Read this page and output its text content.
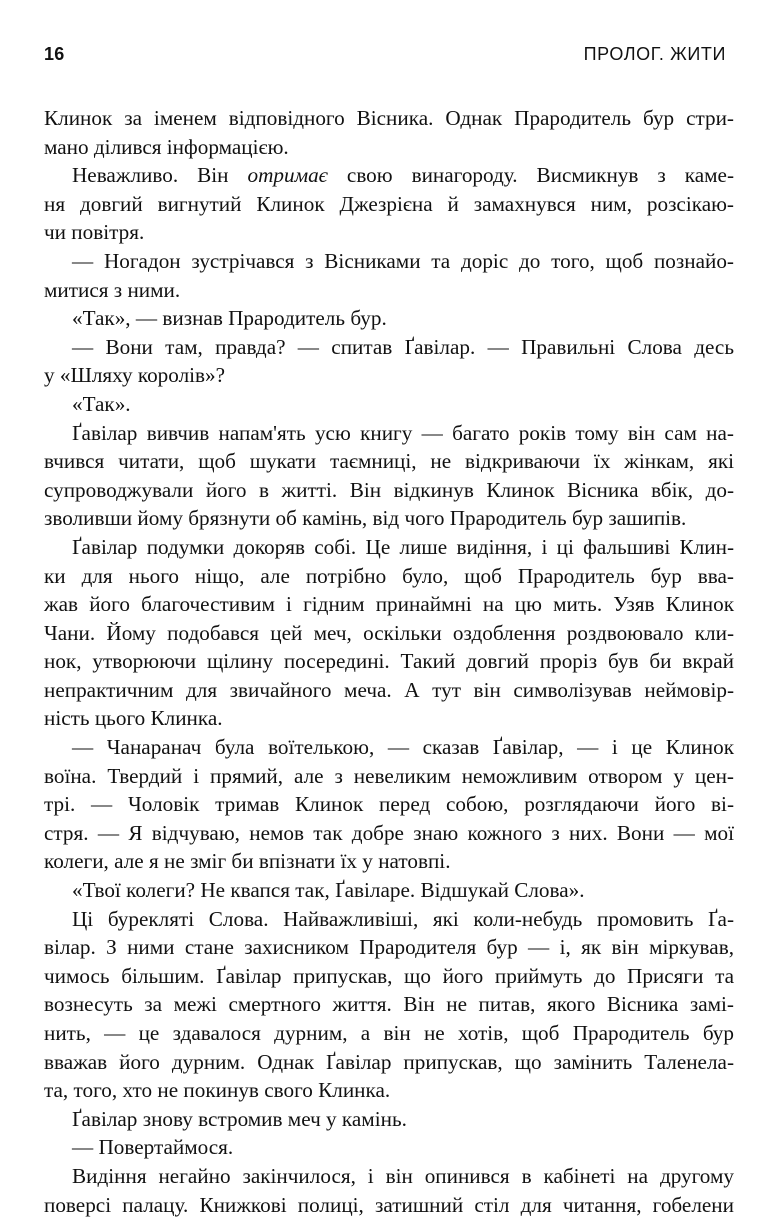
16	ПРОЛОГ. ЖИТИ
Клинок за іменем відповідного Вісника. Однак Прародитель бур стри-
мано ділився інформацією.
Неважливо. Він отримає свою винагороду. Висмикнув з каме-
ня довгий вигнутий Клинок Джезрієна й замахнувся ним, розсікаю-
чи повітря.
— Ногадон зустрічався з Вісниками та доріс до того, щоб познайо-
митися з ними.
«Так», — визнав Прародитель бур.
— Вони там, правда? — спитав Ґавілар. — Правильні Слова десь
у «Шляху королів»?
«Так».
Ґавілар вивчив напам'ять усю книгу — багато років тому він сам на-
вчився читати, щоб шукати таємниці, не відкриваючи їх жінкам, які
супроводжували його в житті. Він відкинув Клинок Вісника вбік, до-
зволивши йому брязнути об камінь, від чого Прародитель бур зашипів.
Ґавілар подумки докоряв собі. Це лише видіння, і ці фальшиві Клин-
ки для нього ніщо, але потрібно було, щоб Прародитель бур вва-
жав його благочестивим і гідним принаймні на цю мить. Узяв Клинок
Чани. Йому подобався цей меч, оскільки оздоблення роздвоювало кли-
нок, утворюючи щілину посередині. Такий довгий проріз був би вкрай
непрактичним для звичайного меча. А тут він символізував неймовір-
ність цього Клинка.
— Чанаранач була воїтелькою, — сказав Ґавілар, — і це Клинок
воїна. Твердий і прямий, але з невеликим неможливим отвором у цен-
трі. — Чоловік тримав Клинок перед собою, розглядаючи його ві-
стря. — Я відчуваю, немов так добре знаю кожного з них. Вони — мої
колеги, але я не зміг би впізнати їх у натовпі.
«Твої колеги? Не квапся так, Ґавіларе. Відшукай Слова».
Ці бурекляті Слова. Найважливіші, які коли-небудь промовить Ґа-
вілар. З ними стане захисником Прародителя бур — і, як він міркував,
чимось більшим. Ґавілар припускав, що його приймуть до Присяги та
вознесуть за межі смертного життя. Він не питав, якого Вісника замі-
нить, — це здавалося дурним, а він не хотів, щоб Прародитель бур
вважав його дурним. Однак Ґавілар припускав, що замінить Таленела-
та, того, хто не покинув свого Клинка.
Ґавілар знову встромив меч у камінь.
— Повертаймося.
Видіння негайно закінчилося, і він опинився в кабінеті на другому
поверсі палацу. Книжкові полиці, затишний стіл для читання, гобелени
